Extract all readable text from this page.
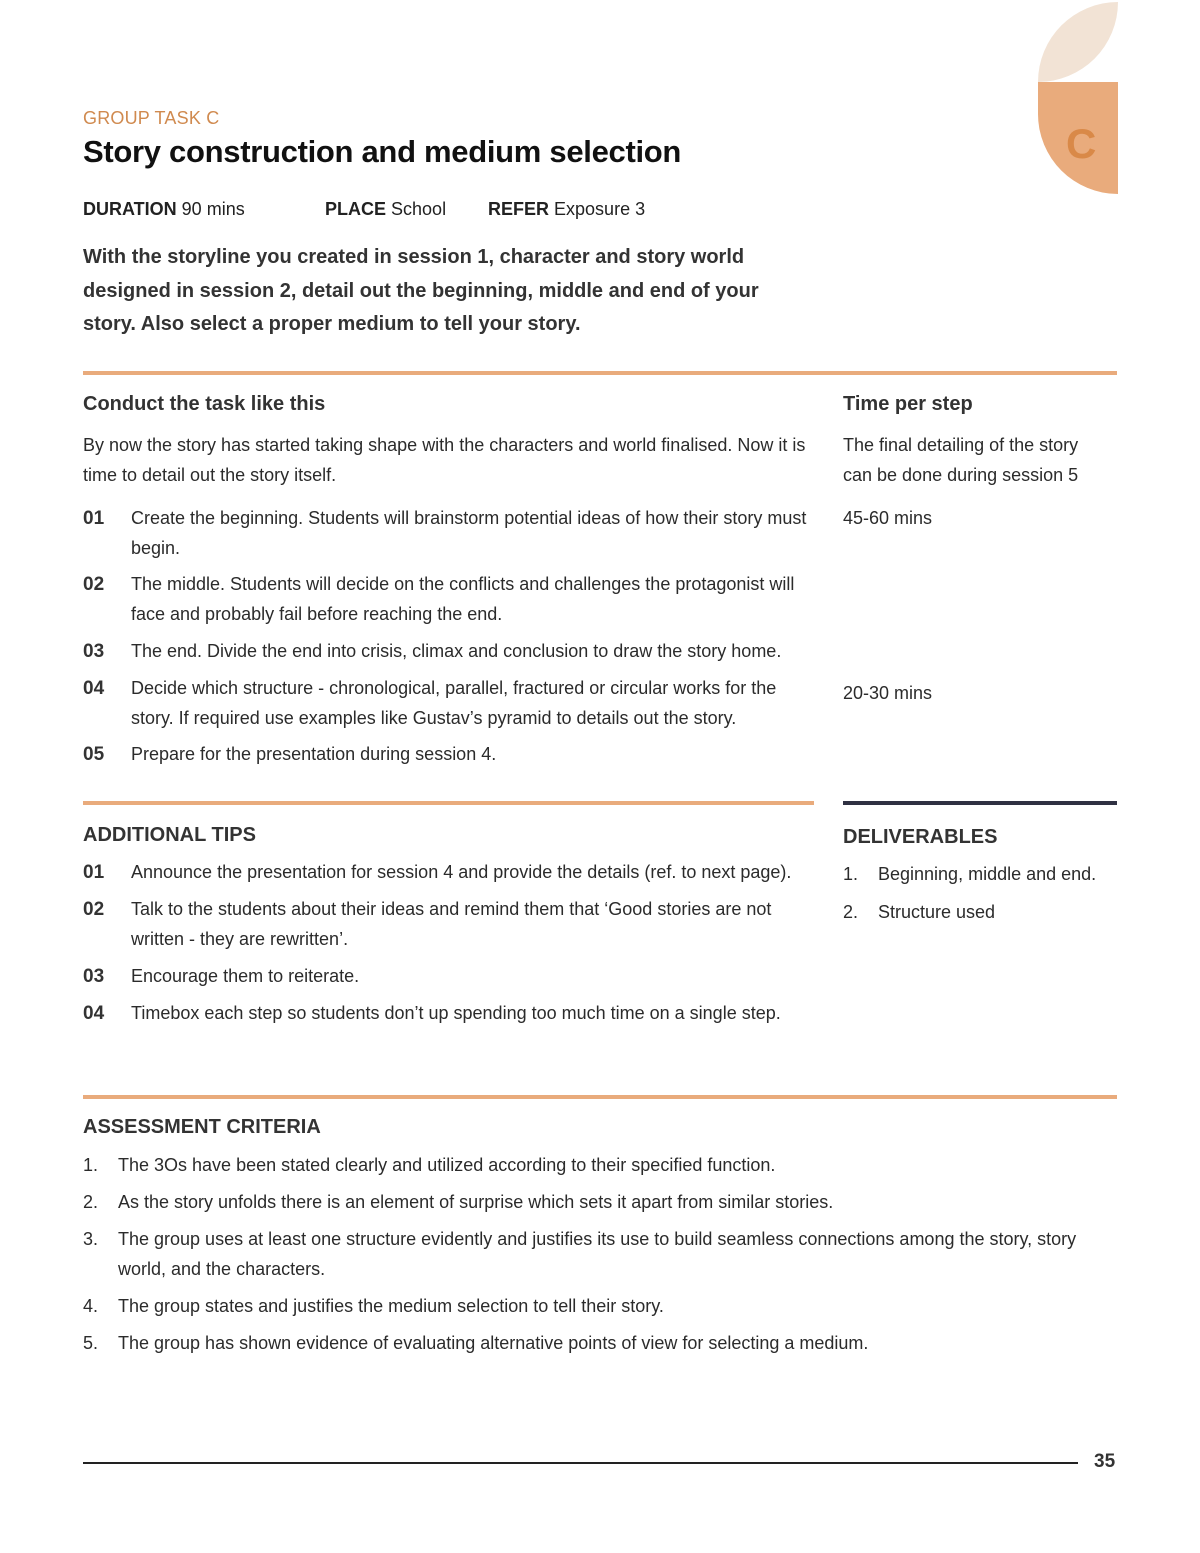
C
GROUP TASK C
Story construction and medium selection
DURATION 90 mins	PLACE School REFER Exposure 3
With the storyline you created in session 1, character and story world designed in session 2, detail out the beginning, middle and end of your story. Also select a proper medium to tell your story.
Conduct the task like this
By now the story has started taking shape with the characters and world finalised. Now it is time to detail out the story itself.
01	Create the beginning. Students will brainstorm potential ideas of how their story must begin.
02	The middle. Students will decide on the conflicts and challenges the protagonist will face and probably fail before reaching the end.
03	The end. Divide the end into crisis, climax and conclusion to draw the story home.
04	Decide which structure - chronological, parallel, fractured or circular works for the story. If required use examples like Gustav’s pyramid to details out the story.
05	Prepare for the presentation during session 4.
Time per step
The final detailing of the story can be done during session 5
45-60 mins
20-30 mins
ADDITIONAL TIPS
01	Announce the presentation for session 4 and provide the details (ref. to next page).
02	Talk to the students about their ideas and remind them that ‘Good stories are not written - they are rewritten’.
03	Encourage them to reiterate.
04	Timebox each step so students don’t up spending too much time on a single step.
DELIVERABLES
1.	Beginning, middle and end.
2.	Structure used
ASSESSMENT CRITERIA
1.	The 3Os have been stated clearly and utilized according to their specified function.
2.	As the story unfolds there is an element of surprise which sets it apart from similar stories.
3.	The group uses at least one structure evidently and justifies its use to build seamless connections among the story, story world, and the characters.
4.	The group states and justifies the medium selection to tell their story.
5.	The group has shown evidence of evaluating alternative points of view for selecting a medium.
35
